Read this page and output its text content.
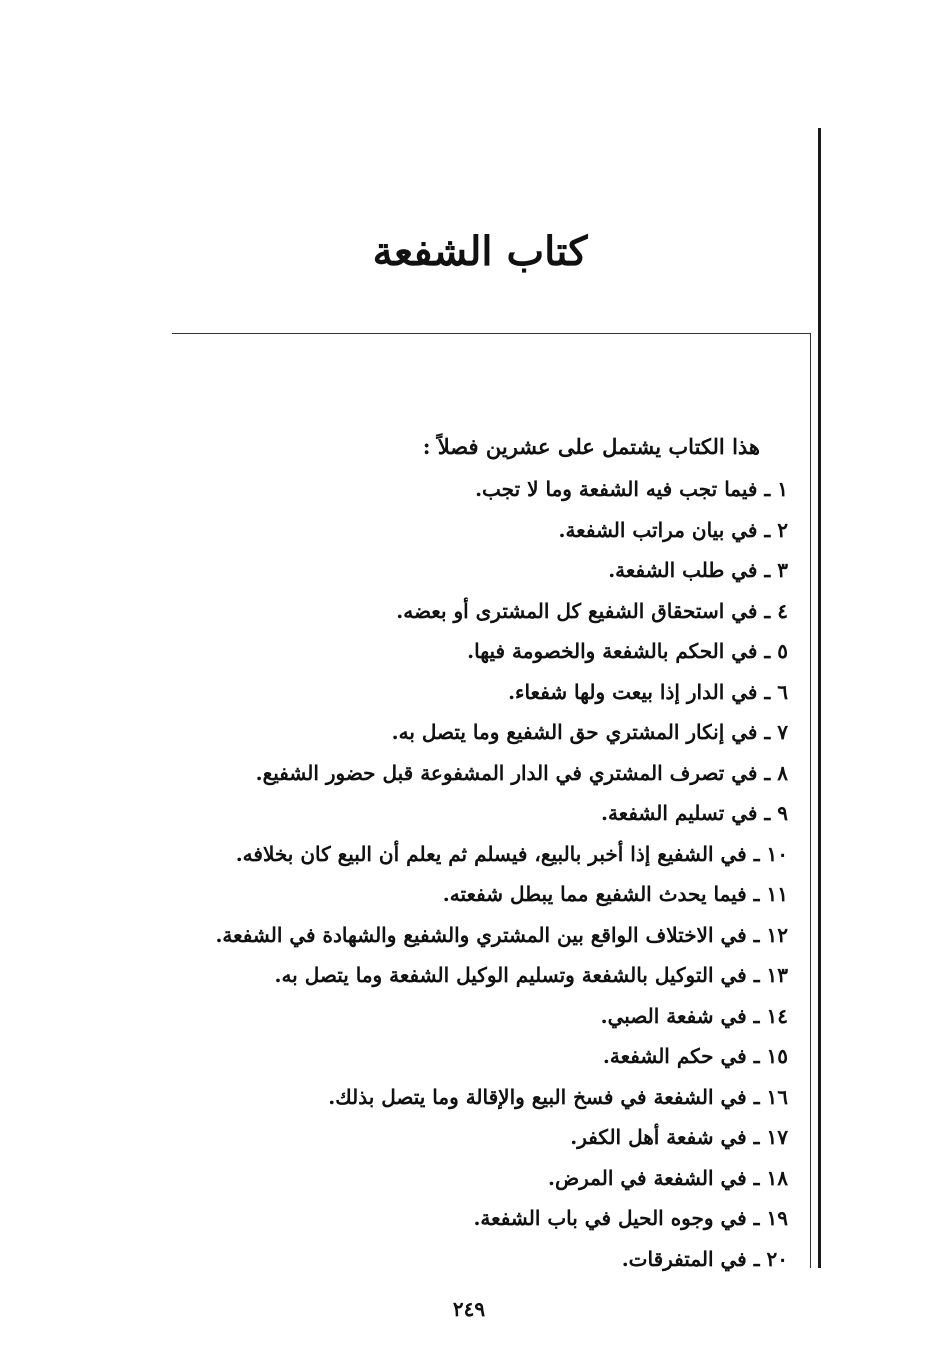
كتاب الشفعة
هذا الكتاب يشتمل على عشرين فصلاً :
١ ـ فيما تجب فيه الشفعة وما لا تجب.
٢ ـ في بيان مراتب الشفعة.
٣ ـ في طلب الشفعة.
٤ ـ في استحقاق الشفيع كل المشترى أو بعضه.
٥ ـ في الحكم بالشفعة والخصومة فيها.
٦ ـ في الدار إذا بيعت ولها شفعاء.
٧ ـ في إنكار المشتري حق الشفيع وما يتصل به.
٨ ـ في تصرف المشتري في الدار المشفوعة قبل حضور الشفيع.
٩ ـ في تسليم الشفعة.
١٠ ـ في الشفيع إذا أخبر بالبيع، فيسلم ثم يعلم أن البيع كان بخلافه.
١١ ـ فيما يحدث الشفيع مما يبطل شفعته.
١٢ ـ في الاختلاف الواقع بين المشتري والشفيع والشهادة في الشفعة.
١٣ ـ في التوكيل بالشفعة وتسليم الوكيل الشفعة وما يتصل به.
١٤ ـ في شفعة الصبي.
١٥ ـ في حكم الشفعة.
١٦ ـ في الشفعة في فسخ البيع والإقالة وما يتصل بذلك.
١٧ ـ في شفعة أهل الكفر.
١٨ ـ في الشفعة في المرض.
١٩ ـ في وجوه الحيل في باب الشفعة.
٢٠ ـ في المتفرقات.
٢٤٩
